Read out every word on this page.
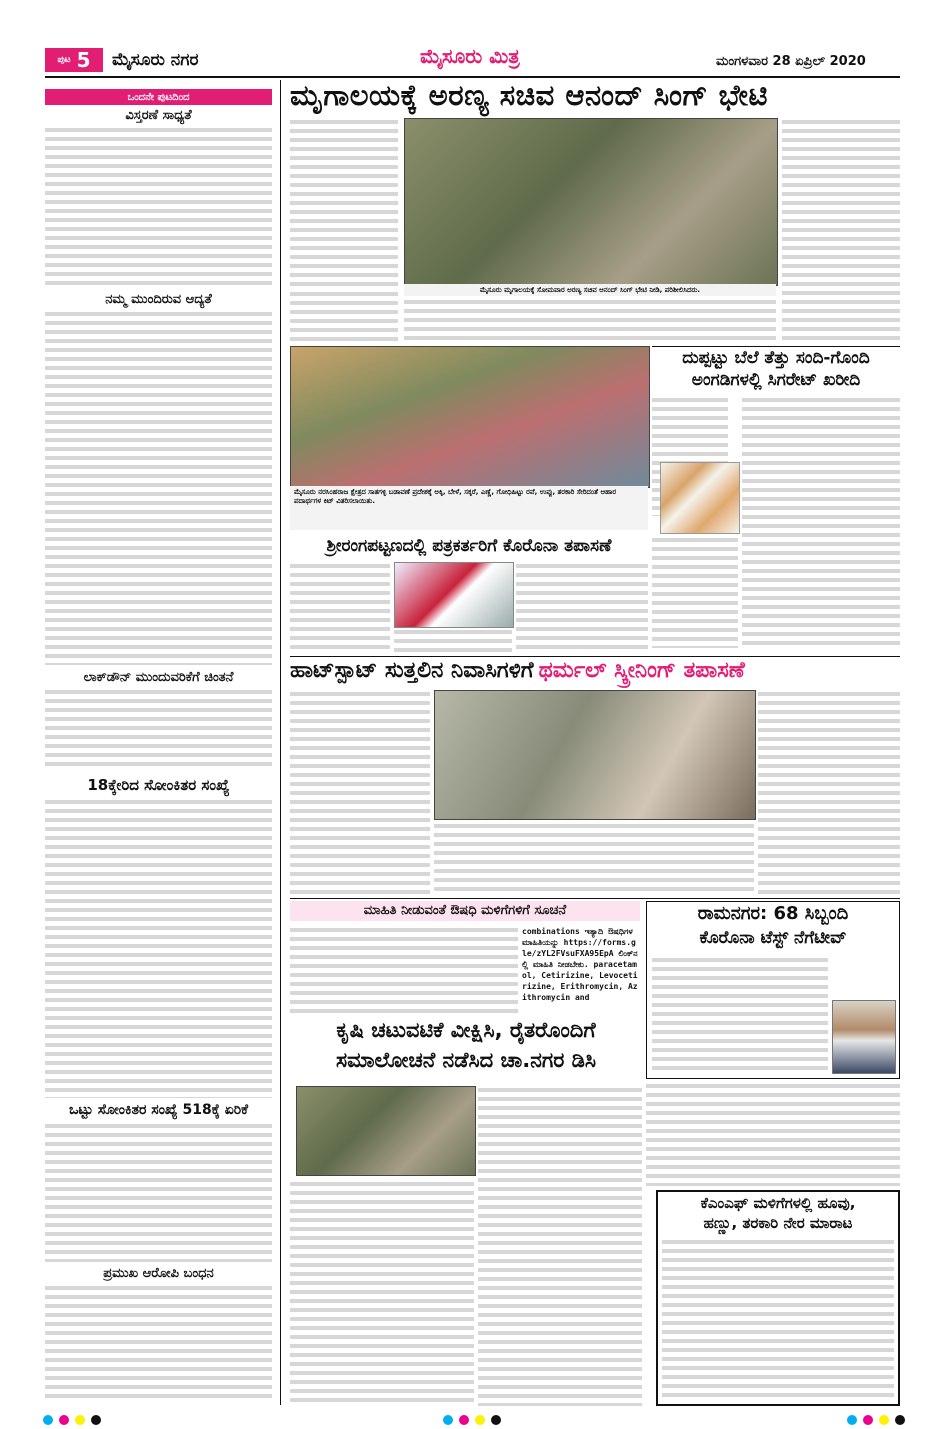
ಪುಟ 5 ಮೈಸೂರು ನಗರ	ಮೈಸೂರು ಮಿತ್ರ	ಮಂಗಳವಾರ 28 ಏಪ್ರಿಲ್ 2020
ಒಂದನೇ ಪುಟದಿಂದ
ವಿಸ್ತರಣೆ ಸಾಧ್ಯತೆ
ನಮ್ಮ ಮುಂದಿರುವ ಆದ್ಯತೆ
ಲಾಕ್‌ಡೌನ್ ಮುಂದುವರಿಕೆಗೆ ಚಿಂತನೆ
18ಕ್ಕೇರಿದ ಸೋಂಕಿತರ ಸಂಖ್ಯೆ
ಒಟ್ಟು ಸೋಂಕಿತರ ಸಂಖ್ಯೆ 518ಕ್ಕೆ ಏರಿಕೆ
ಪ್ರಮುಖ ಆರೋಪಿ ಬಂಧನ
ಮೃಗಾಲಯಕ್ಕೆ ಅರಣ್ಯ ಸಚಿವ ಆನಂದ್ ಸಿಂಗ್ ಭೇಟಿ
ಮೈಸೂರು ಮೃಗಾಲಯಕ್ಕೆ ಸೋಮವಾರ ಅರಣ್ಯ ಸಚಿವ ಆನಂದ್ ಸಿಂಗ್ ಭೇಟಿ ನೀಡಿ, ಪರಿಶೀಲಿಸಿದರು.
ಮೈಸೂರು ನರಸಿಂಹರಾಜ ಕ್ಷೇತ್ರದ ಸಾತಗಳ್ಳಿ ಬಡಾವಣೆ ಪ್ರದೇಶಕ್ಕೆ ಅಕ್ಕಿ, ಬೇಳೆ, ಸಕ್ಕರೆ, ಎಣ್ಣೆ, ಗೋಧಿಹಿಟ್ಟು ರವೆ, ಉಪ್ಪು, ತರಕಾರಿ ಸೇರಿದಂತೆ ಆಹಾರ ಪದಾರ್ಥಗಳ ಕಿಟ್ ವಿತರಿಸಲಾಯಿತು.
ದುಪ್ಪಟ್ಟು ಬೆಲೆ ತೆತ್ತು ಸಂದಿ-ಗೊಂದಿ
ಅಂಗಡಿಗಳಲ್ಲಿ ಸಿಗರೇಟ್ ಖರೀದಿ
ಶ್ರೀರಂಗಪಟ್ಟಣದಲ್ಲಿ ಪತ್ರಕರ್ತರಿಗೆ ಕೊರೊನಾ ತಪಾಸಣೆ
ಹಾಟ್‌ಸ್ಪಾಟ್ ಸುತ್ತಲಿನ ನಿವಾಸಿಗಳಿಗೆ ಥರ್ಮಲ್ ಸ್ಕ್ರೀನಿಂಗ್ ತಪಾಸಣೆ
ಮಾಹಿತಿ ನೀಡುವಂತೆ ಔಷಧಿ ಮಳಿಗೆಗಳಿಗೆ ಸೂಚನೆ
combinations ಇತ್ಯಾದಿ ಔಷಧಿಗಳ ಮಾಹಿತಿಯನ್ನು https://forms.gle/zYL2FVsuFXA95EpA ಲಿಂಕ್‌ನಲ್ಲಿ ಮಾಹಿತಿ ನೀಡಬೇಕು. paracetamol, Cetirizine, Levocetirizine, Erithromycin, Azithromycin and
ರಾಮನಗರ: 68 ಸಿಬ್ಬಂದಿ
ಕೊರೊನಾ ಟೆಸ್ಟ್ ನೆಗೆಟೀವ್
ಕೃಷಿ ಚಟುವಟಿಕೆ ವೀಕ್ಷಿಸಿ, ರೈತರೊಂದಿಗೆ
ಸಮಾಲೋಚನೆ ನಡೆಸಿದ ಚಾ.ನಗರ ಡಿಸಿ
ಕೆಎಂಎಫ್ ಮಳಿಗೆಗಳಲ್ಲಿ ಹೂವು,
ಹಣ್ಣು, ತರಕಾರಿ ನೇರ ಮಾರಾಟ
